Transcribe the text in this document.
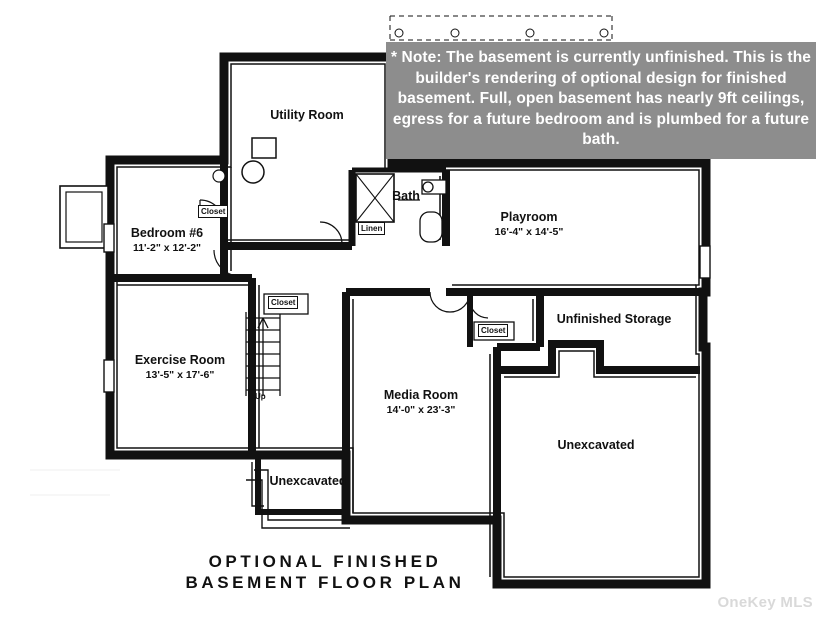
* Note: The basement is currently unfinished. This is the builder's rendering of optional design for finished basement. Full, open basement has nearly 9ft ceilings, egress for a future bedroom and is plumbed for a future bath.
Utility Room
Bedroom #6
11'-2" x 12'-2"
Bath
Playroom
16'-4" x 14'-5"
Exercise Room
13'-5" x 17'-6"
Media Room
14'-0" x 23'-3"
Unfinished Storage
Unexcavated
Unexcavated
Closet
Closet
Closet
Linen
Up
OPTIONAL FINISHED
BASEMENT FLOOR PLAN
OneKey MLS
